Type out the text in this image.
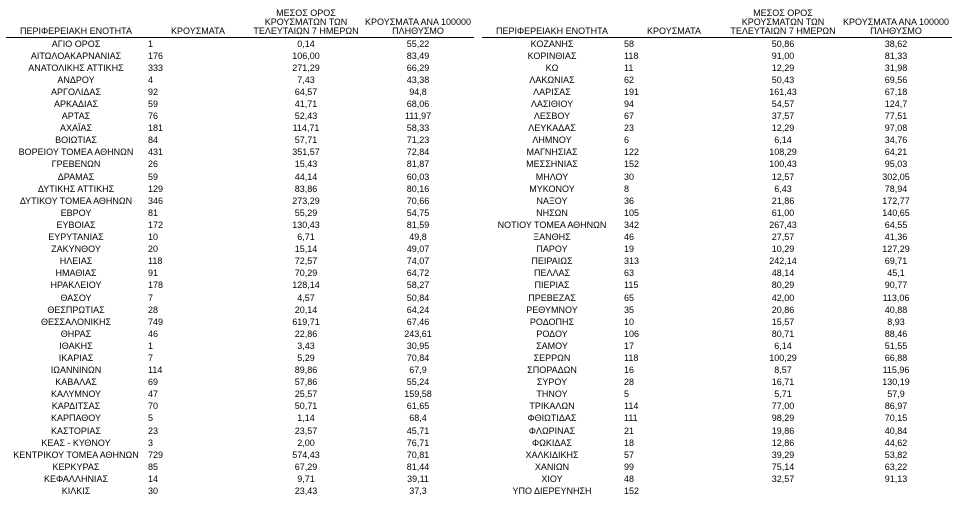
ΠΕΡΙΦΕΡΕΙΑΚΗ ΕΝΟΤΗΤΑ	ΚΡΟΥΣΜΑΤΑ	ΜΕΣΟΣ ΟΡΟΣ ΚΡΟΥΣΜΑΤΩΝ ΤΩΝ ΤΕΛΕΥΤΑΙΩΝ 7 ΗΜΕΡΩΝ	ΚΡΟΥΣΜΑΤΑ ΑΝΑ 100000 ΠΛΗΘΥΣΜΟ
ΑΓΙΟ ΟΡΟΣ	1	0,14	55,22
ΑΙΤΩΛΟΑΚΑΡΝΑΝΙΑΣ	176	106,00	83,49
ΑΝΑΤΟΛΙΚΗΣ ΑΤΤΙΚΗΣ	333	271,29	66,29
ΑΝΔΡΟΥ	4	7,43	43,38
ΑΡΓΟΛΙΔΑΣ	92	64,57	94,8
ΑΡΚΑΔΙΑΣ	59	41,71	68,06
ΑΡΤΑΣ	76	52,43	111,97
ΑΧΑΪΑΣ	181	114,71	58,33
ΒΟΙΩΤΙΑΣ	84	57,71	71,23
ΒΟΡΕΙΟΥ ΤΟΜΕΑ ΑΘΗΝΩΝ	431	351,57	72,84
ΓΡΕΒΕΝΩΝ	26	15,43	81,87
ΔΡΑΜΑΣ	59	44,14	60,03
ΔΥΤΙΚΗΣ ΑΤΤΙΚΗΣ	129	83,86	80,16
ΔΥΤΙΚΟΥ ΤΟΜΕΑ ΑΘΗΝΩΝ	346	273,29	70,66
ΕΒΡΟΥ	81	55,29	54,75
ΕΥΒΟΙΑΣ	172	130,43	81,59
ΕΥΡΥΤΑΝΙΑΣ	10	6,71	49,8
ΖΑΚΥΝΘΟΥ	20	15,14	49,07
ΗΛΕΙΑΣ	118	72,57	74,07
ΗΜΑΘΙΑΣ	91	70,29	64,72
ΗΡΑΚΛΕΙΟΥ	178	128,14	58,27
ΘΑΣΟΥ	7	4,57	50,84
ΘΕΣΠΡΩΤΙΑΣ	28	20,14	64,24
ΘΕΣΣΑΛΟΝΙΚΗΣ	749	619,71	67,46
ΘΗΡΑΣ	46	22,86	243,61
ΙΘΑΚΗΣ	1	3,43	30,95
ΙΚΑΡΙΑΣ	7	5,29	70,84
ΙΩΑΝΝΙΝΩΝ	114	89,86	67,9
ΚΑΒΑΛΑΣ	69	57,86	55,24
ΚΑΛΥΜΝΟΥ	47	25,57	159,58
ΚΑΡΔΙΤΣΑΣ	70	50,71	61,65
ΚΑΡΠΑΘΟΥ	5	1,14	68,4
ΚΑΣΤΟΡΙΑΣ	23	23,57	45,71
ΚΕΑΣ - ΚΥΘΝΟΥ	3	2,00	76,71
ΚΕΝΤΡΙΚΟΥ ΤΟΜΕΑ ΑΘΗΝΩΝ	729	574,43	70,81
ΚΕΡΚΥΡΑΣ	85	67,29	81,44
ΚΕΦΑΛΛΗΝΙΑΣ	14	9,71	39,11
ΚΙΛΚΙΣ	30	23,43	37,3
ΠΕΡΙΦΕΡΕΙΑΚΗ ΕΝΟΤΗΤΑ	ΚΡΟΥΣΜΑΤΑ	ΜΕΣΟΣ ΟΡΟΣ ΚΡΟΥΣΜΑΤΩΝ ΤΩΝ ΤΕΛΕΥΤΑΙΩΝ 7 ΗΜΕΡΩΝ	ΚΡΟΥΣΜΑΤΑ ΑΝΑ 100000 ΠΛΗΘΥΣΜΟ
ΚΟΖΑΝΗΣ	58	50,86	38,62
ΚΟΡΙΝΘΙΑΣ	118	91,00	81,33
ΚΩ	11	12,29	31,98
ΛΑΚΩΝΙΑΣ	62	50,43	69,56
ΛΑΡΙΣΑΣ	191	161,43	67,18
ΛΑΣΙΘΙΟΥ	94	54,57	124,7
ΛΕΣΒΟΥ	67	37,57	77,51
ΛΕΥΚΑΔΑΣ	23	12,29	97,08
ΛΗΜΝΟΥ	6	6,14	34,76
ΜΑΓΝΗΣΙΑΣ	122	108,29	64,21
ΜΕΣΣΗΝΙΑΣ	152	100,43	95,03
ΜΗΛΟΥ	30	12,57	302,05
ΜΥΚΟΝΟΥ	8	6,43	78,94
ΝΑΞΟΥ	36	21,86	172,77
ΝΗΣΩΝ	105	61,00	140,65
ΝΟΤΙΟΥ ΤΟΜΕΑ ΑΘΗΝΩΝ	342	267,43	64,55
ΞΑΝΘΗΣ	46	27,57	41,36
ΠΑΡΟΥ	19	10,29	127,29
ΠΕΙΡΑΙΩΣ	313	242,14	69,71
ΠΕΛΛΑΣ	63	48,14	45,1
ΠΙΕΡΙΑΣ	115	80,29	90,77
ΠΡΕΒΕΖΑΣ	65	42,00	113,06
ΡΕΘΥΜΝΟΥ	35	20,86	40,88
ΡΟΔΟΠΗΣ	10	15,57	8,93
ΡΟΔΟΥ	106	80,71	88,46
ΣΑΜΟΥ	17	6,14	51,55
ΣΕΡΡΩΝ	118	100,29	66,88
ΣΠΟΡΑΔΩΝ	16	8,57	115,96
ΣΥΡΟΥ	28	16,71	130,19
ΤΗΝΟΥ	5	5,71	57,9
ΤΡΙΚΑΛΩΝ	114	77,00	86,97
ΦΘΙΩΤΙΔΑΣ	111	98,29	70,15
ΦΛΩΡΙΝΑΣ	21	19,86	40,84
ΦΩΚΙΔΑΣ	18	12,86	44,62
ΧΑΛΚΙΔΙΚΗΣ	57	39,29	53,82
ΧΑΝΙΩΝ	99	75,14	63,22
ΧΙΟΥ	48	32,57	91,13
ΥΠΟ ΔΙΕΡΕΥΝΗΣΗ	152		
